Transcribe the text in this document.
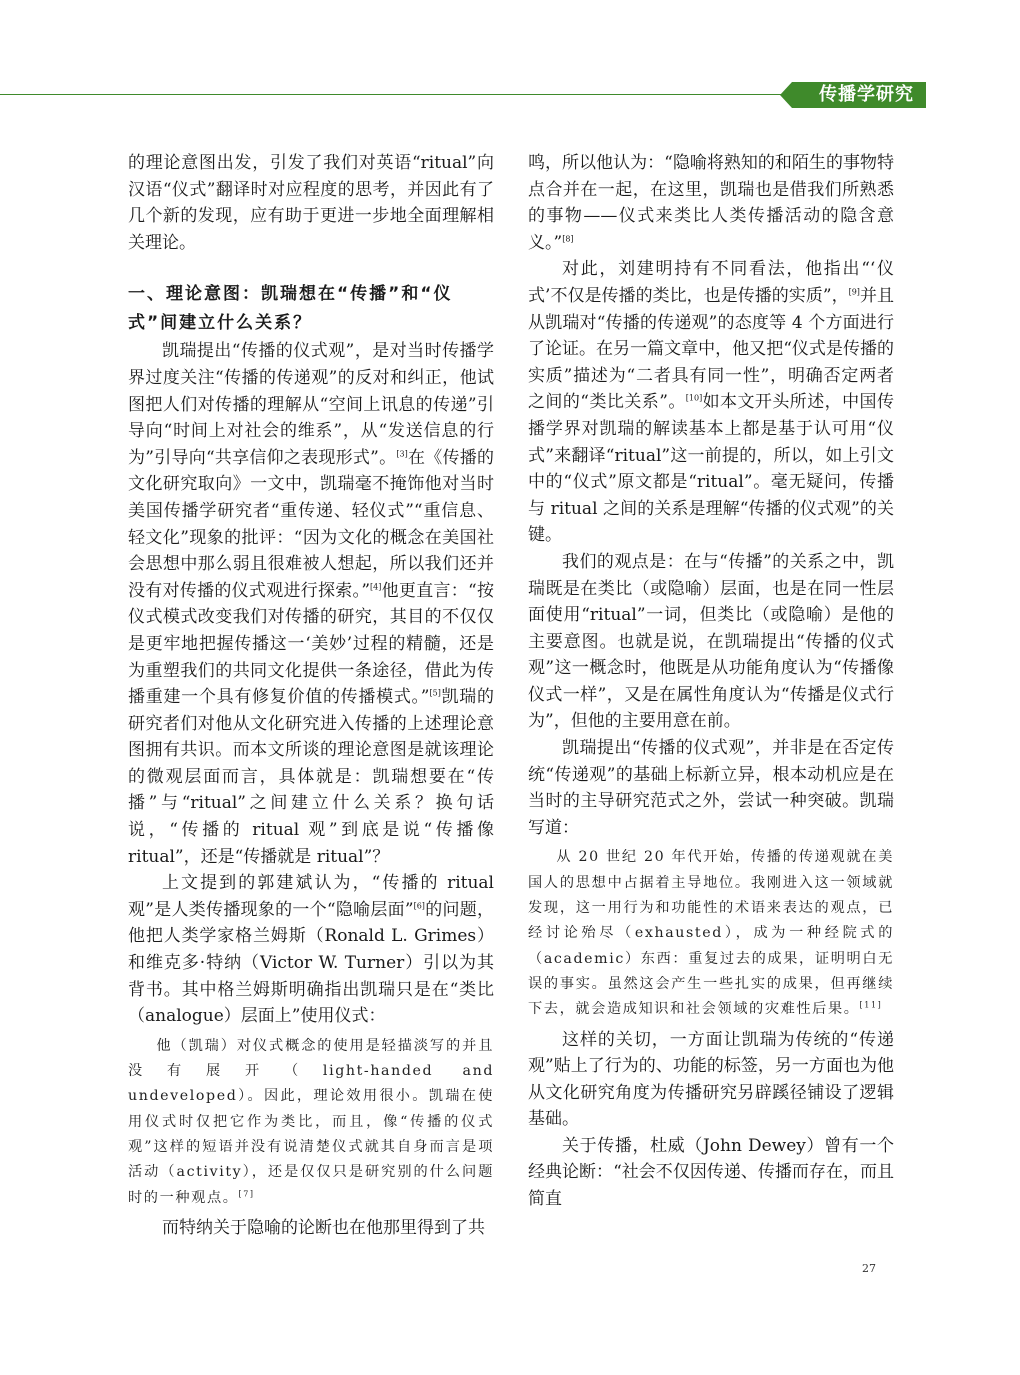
传播学研究

的理论意图出发，引发了我们对英语“ritual”向汉语“仪式”翻译时对应程度的思考，并因此有了几个新的发现，应有助于更进一步地全面理解相关理论。

一、理论意图：凯瑞想在“传播”和“仪式”间建立什么关系？

凯瑞提出“传播的仪式观”，是对当时传播学界过度关注“传播的传递观”的反对和纠正，他试图把人们对传播的理解从“空间上讯息的传递”引导向“时间上对社会的维系”，从“发送信息的行为”引导向“共享信仰之表现形式”。[3]在《传播的文化研究取向》一文中，凯瑞毫不掩饰他对当时美国传播学研究者“重传递、轻仪式”“重信息、轻文化”现象的批评：“因为文化的概念在美国社会思想中那么弱且很难被人想起，所以我们还并没有对传播的仪式观进行探索。”[4]他更直言：“按仪式模式改变我们对传播的研究，其目的不仅仅是更牢地把握传播这一‘美妙’过程的精髓，还是为重塑我们的共同文化提供一条途径，借此为传播重建一个具有修复价值的传播模式。”[5]凯瑞的研究者们对他从文化研究进入传播的上述理论意图拥有共识。而本文所谈的理论意图是就该理论的微观层面而言，具体就是：凯瑞想要在“传播”与“ritual”之间建立什么关系？换句话说，“传播的 ritual 观”到底是说“传播像 ritual”，还是“传播就是 ritual”？

上文提到的郭建斌认为，“传播的 ritual 观”是人类传播现象的一个“隐喻层面”[6]的问题，他把人类学家格兰姆斯（Ronald L. Grimes）和维克多·特纳（Victor W. Turner）引以为其背书。其中格兰姆斯明确指出凯瑞只是在“类比（analogue）层面上”使用仪式：

他（凯瑞）对仪式概念的使用是轻描淡写的并且没有展开（light-handed and undeveloped）。因此，理论效用很小。凯瑞在使用仪式时仅把它作为类比，而且，像“传播的仪式观”这样的短语并没有说清楚仪式就其自身而言是项活动（activity），还是仅仅只是研究别的什么问题时的一种观点。[7]

而特纳关于隐喻的论断也在他那里得到了共

鸣，所以他认为：“隐喻将熟知的和陌生的事物特点合并在一起，在这里，凯瑞也是借我们所熟悉的事物——仪式来类比人类传播活动的隐含意义。”[8]

对此，刘建明持有不同看法，他指出“‘仪式’不仅是传播的类比，也是传播的实质”，[9]并且从凯瑞对“传播的传递观”的态度等 4 个方面进行了论证。在另一篇文章中，他又把“仪式是传播的实质”描述为“二者具有同一性”，明确否定两者之间的“类比关系”。[10]如本文开头所述，中国传播学界对凯瑞的解读基本上都是基于认可用“仪式”来翻译“ritual”这一前提的，所以，如上引文中的“仪式”原文都是“ritual”。毫无疑问，传播与 ritual 之间的关系是理解“传播的仪式观”的关键。

我们的观点是：在与“传播”的关系之中，凯瑞既是在类比（或隐喻）层面，也是在同一性层面使用“ritual”一词，但类比（或隐喻）是他的主要意图。也就是说，在凯瑞提出“传播的仪式观”这一概念时，他既是从功能角度认为“传播像仪式一样”，又是在属性角度认为“传播是仪式行为”，但他的主要用意在前。

凯瑞提出“传播的仪式观”，并非是在否定传统“传递观”的基础上标新立异，根本动机应是在当时的主导研究范式之外，尝试一种突破。凯瑞写道：

从 20 世纪 20 年代开始，传播的传递观就在美国人的思想中占据着主导地位。我刚进入这一领域就发现，这一用行为和功能性的术语来表达的观点，已经讨论殆尽（exhausted），成为一种经院式的（academic）东西：重复过去的成果，证明明白无误的事实。虽然这会产生一些扎实的成果，但再继续下去，就会造成知识和社会领域的灾难性后果。[11]

这样的关切，一方面让凯瑞为传统的“传递观”贴上了行为的、功能的标签，另一方面也为他从文化研究角度为传播研究另辟蹊径铺设了逻辑基础。

关于传播，杜威（John Dewey）曾有一个经典论断：“社会不仅因传递、传播而存在，而且简直

27
